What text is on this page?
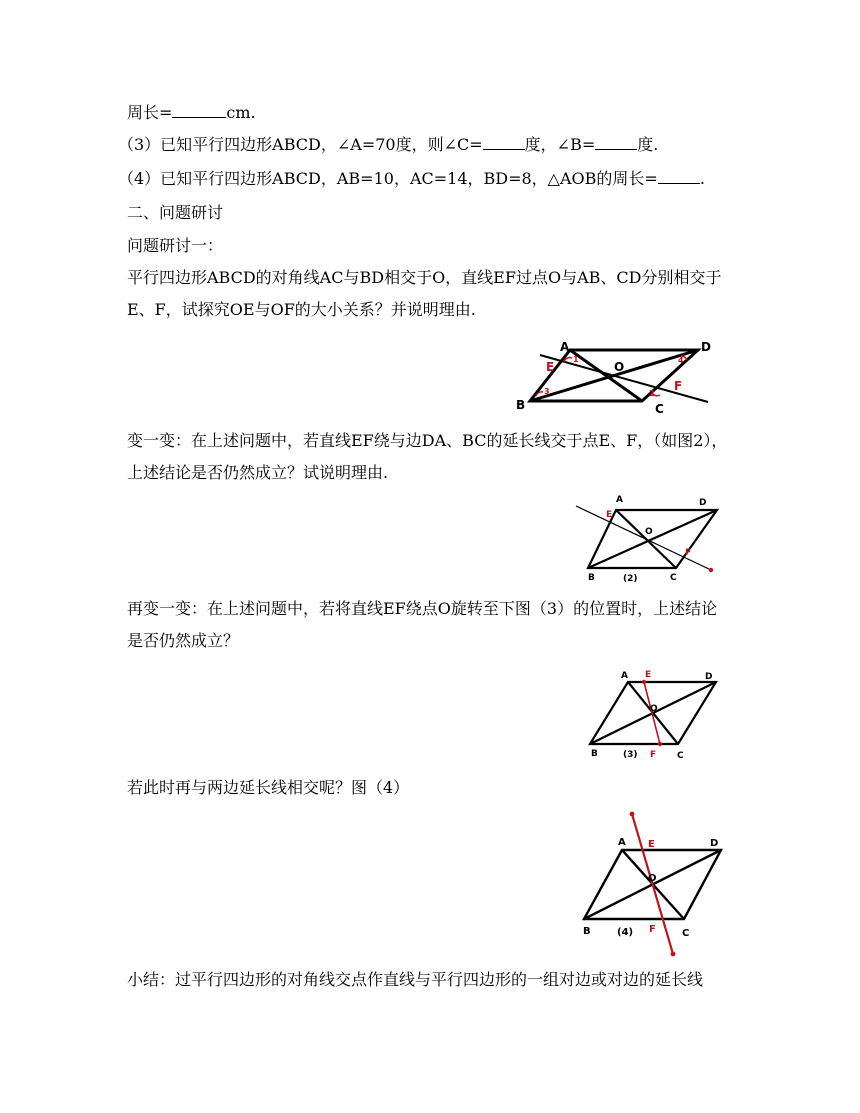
周长=	cm.
（3）已知平行四边形ABCD，∠A=70度，则∠C=	度，∠B=	度.
（4）已知平行四边形ABCD，AB=10，AC=14，BD=8，△AOB的周长=	.
二、问题研讨
问题研讨一：
平行四边形ABCD的对角线AC与BD相交于O，直线EF过点O与AB、CD分别相交于
E、F，试探究OE与OF的大小关系？并说明理由.
变一变：在上述问题中，若直线EF绕与边DA、BC的延长线交于点E、F，（如图2），
上述结论是否仍然成立？试说明理由.
再变一变：在上述问题中，若将直线EF绕点O旋转至下图（3）的位置时，上述结论
是否仍然成立？
若此时再与两边延长线相交呢？图（4）
小结：过平行四边形的对角线交点作直线与平行四边形的一组对边或对边的延长线
A	D
B	C
O
E
F
1
3
4
2
A	D
B	C
O
(2)
E
F
A	D
B	C
O
(3)
E
F
A	D
B	C
O
(4)
E
F
